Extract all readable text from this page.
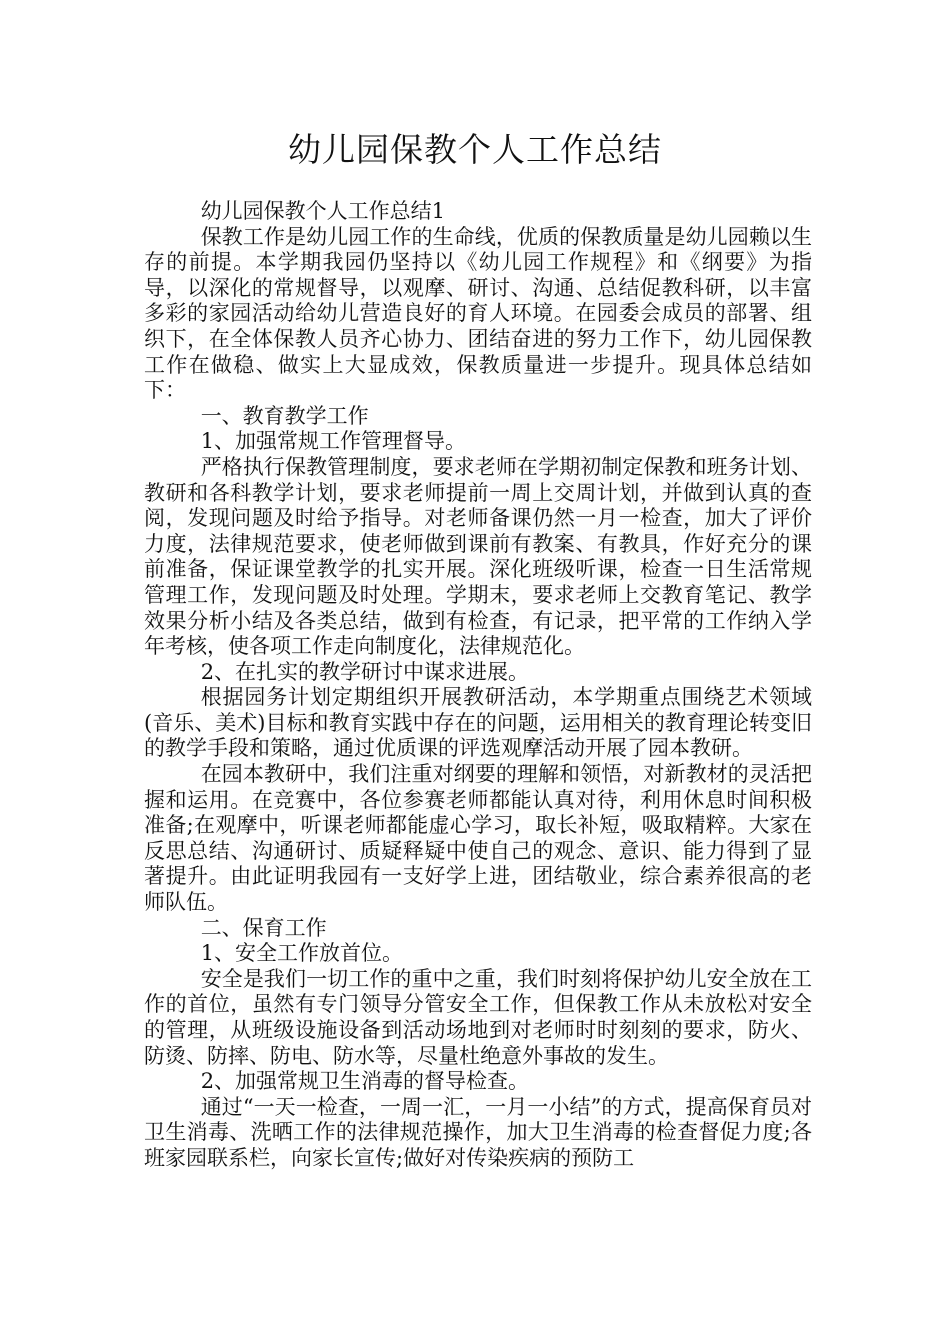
幼儿园保教个人工作总结

幼儿园保教个人工作总结1

保教工作是幼儿园工作的生命线，优质的保教质量是幼儿园赖以生存的前提。本学期我园仍坚持以《幼儿园工作规程》和《纲要》为指导，以深化的常规督导，以观摩、研讨、沟通、总结促教科研，以丰富多彩的家园活动给幼儿营造良好的育人环境。在园委会成员的部署、组织下，在全体保教人员齐心协力、团结奋进的努力工作下，幼儿园保教工作在做稳、做实上大显成效，保教质量进一步提升。现具体总结如下：

一、教育教学工作

1、加强常规工作管理督导。

严格执行保教管理制度，要求老师在学期初制定保教和班务计划、教研和各科教学计划，要求老师提前一周上交周计划，并做到认真的查阅，发现问题及时给予指导。对老师备课仍然一月一检查，加大了评价力度，法律规范要求，使老师做到课前有教案、有教具，作好充分的课前准备，保证课堂教学的扎实开展。深化班级听课，检查一日生活常规管理工作，发现问题及时处理。学期末，要求老师上交教育笔记、教学效果分析小结及各类总结，做到有检查，有记录，把平常的工作纳入学年考核，使各项工作走向制度化，法律规范化。

2、在扎实的教学研讨中谋求进展。

根据园务计划定期组织开展教研活动，本学期重点围绕艺术领域(音乐、美术)目标和教育实践中存在的问题，运用相关的教育理论转变旧的教学手段和策略，通过优质课的评选观摩活动开展了园本教研。

在园本教研中，我们注重对纲要的理解和领悟，对新教材的灵活把握和运用。在竞赛中，各位参赛老师都能认真对待，利用休息时间积极准备;在观摩中，听课老师都能虚心学习，取长补短，吸取精粹。大家在反思总结、沟通研讨、质疑释疑中使自己的观念、意识、能力得到了显著提升。由此证明我园有一支好学上进，团结敬业，综合素养很高的老师队伍。

二、保育工作

1、安全工作放首位。

安全是我们一切工作的重中之重，我们时刻将保护幼儿安全放在工作的首位，虽然有专门领导分管安全工作，但保教工作从未放松对安全的管理，从班级设施设备到活动场地到对老师时时刻刻的要求，防火、防烫、防摔、防电、防水等，尽量杜绝意外事故的发生。

2、加强常规卫生消毒的督导检查。

通过“一天一检查，一周一汇，一月一小结”的方式，提高保育员对卫生消毒、洗晒工作的法律规范操作，加大卫生消毒的检查督促力度;各班家园联系栏，向家长宣传;做好对传染疾病的预防工
